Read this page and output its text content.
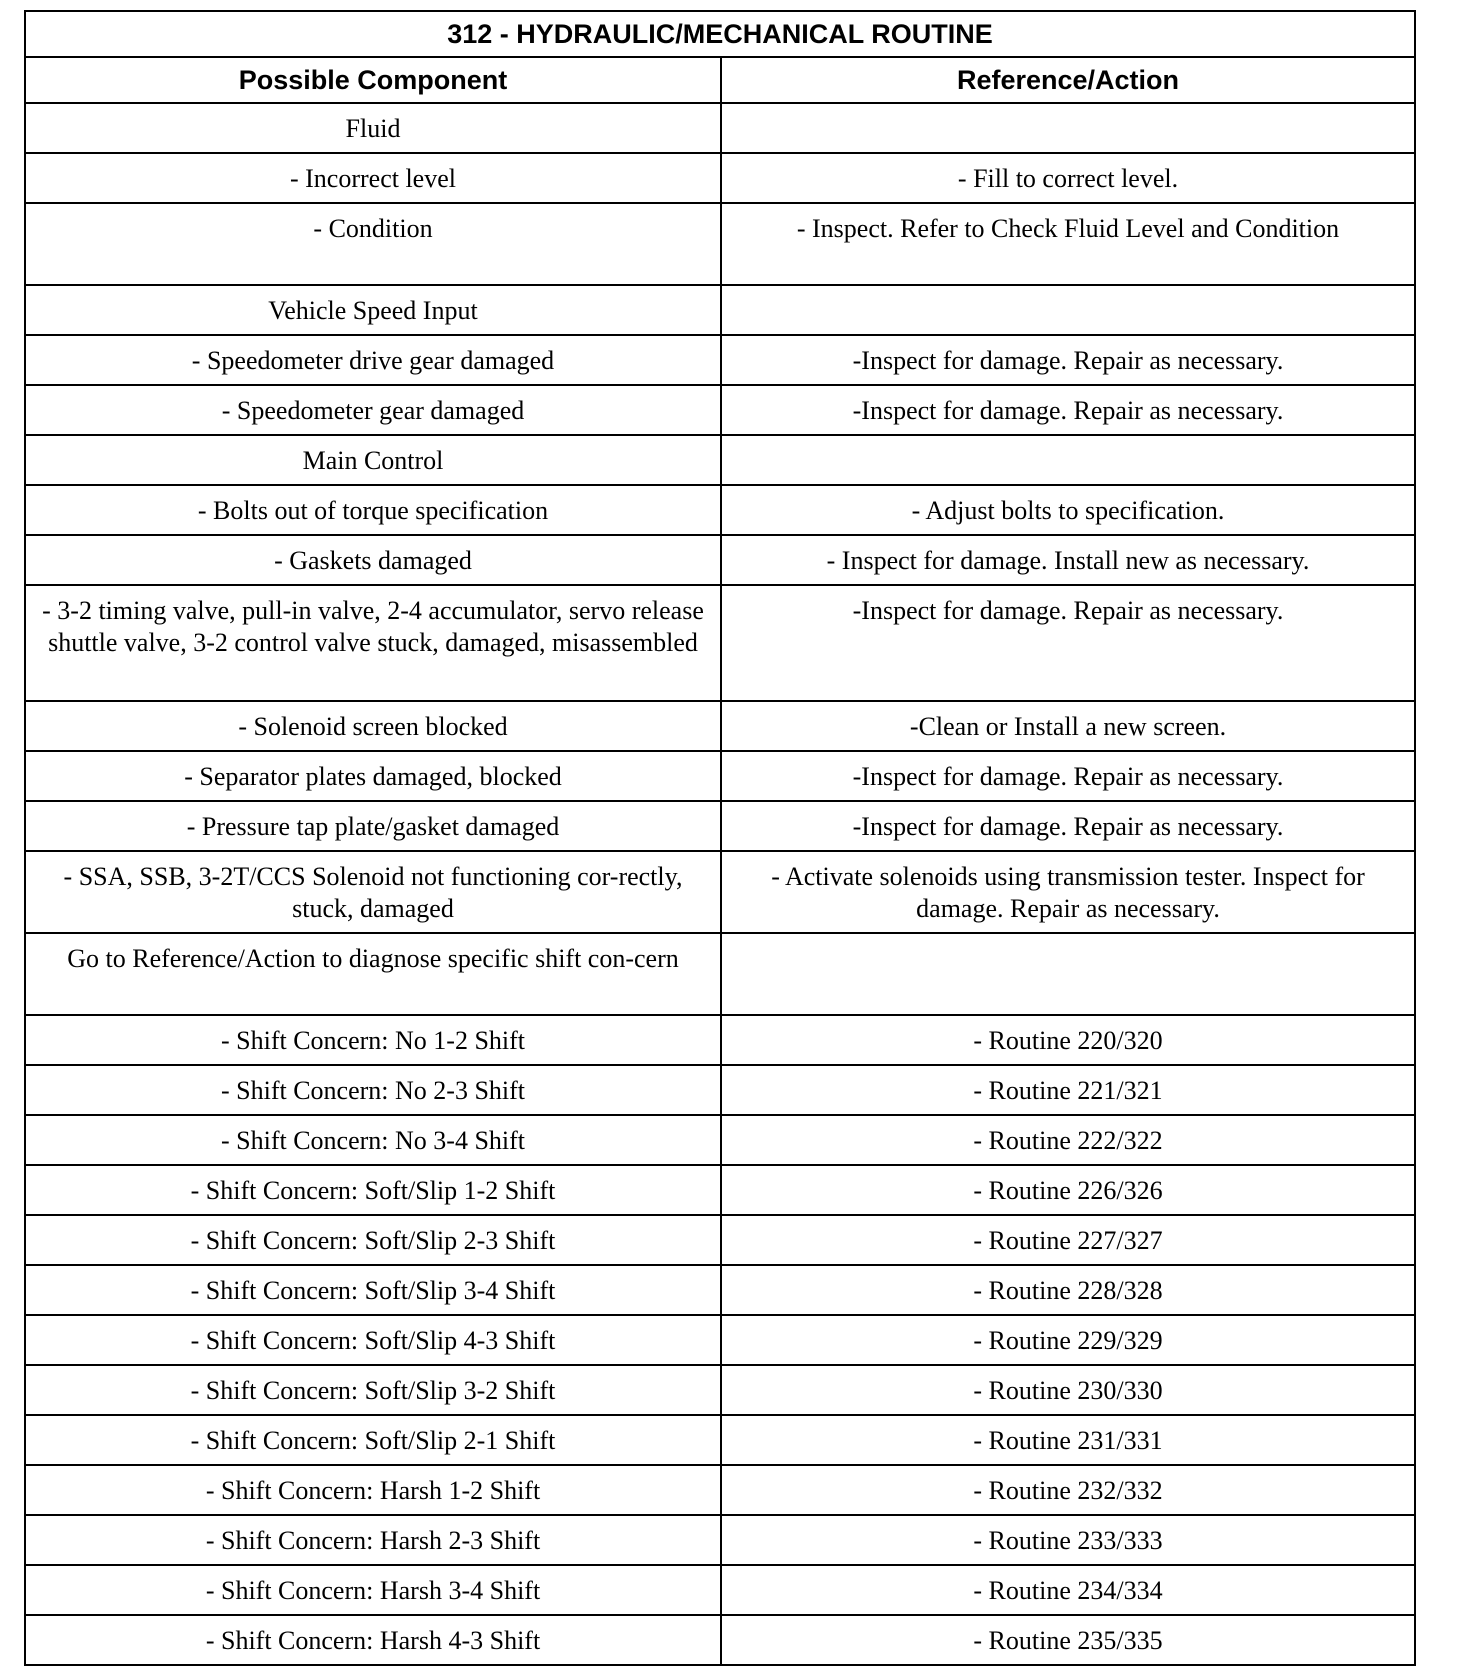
312 - HYDRAULIC/MECHANICAL ROUTINE	
Possible Component	Reference/Action
Fluid	
- Incorrect level	- Fill to correct level.
- Condition	- Inspect. Refer to Check Fluid Level and Condition
Vehicle Speed Input	
- Speedometer drive gear damaged	-Inspect for damage. Repair as necessary.
- Speedometer gear damaged	-Inspect for damage. Repair as necessary.
Main Control	
- Bolts out of torque specification	- Adjust bolts to specification.
- Gaskets damaged	- Inspect for damage. Install new as necessary.
- 3-2 timing valve, pull-in valve, 2-4 accumulator, servo release shuttle valve, 3-2 control valve stuck, damaged, misassembled	-Inspect for damage. Repair as necessary.
- Solenoid screen blocked	-Clean or Install a new screen.
- Separator plates damaged, blocked	-Inspect for damage. Repair as necessary.
- Pressure tap plate/gasket damaged	-Inspect for damage. Repair as necessary.
- SSA, SSB, 3-2T/CCS Solenoid not functioning cor-rectly, stuck, damaged	- Activate solenoids using transmission tester. Inspect for damage. Repair as necessary.
Go to Reference/Action to diagnose specific shift con-cern	
- Shift Concern: No 1-2 Shift	- Routine 220/320
- Shift Concern: No 2-3 Shift	- Routine 221/321
- Shift Concern: No 3-4 Shift	- Routine 222/322
- Shift Concern: Soft/Slip 1-2 Shift	- Routine 226/326
- Shift Concern: Soft/Slip 2-3 Shift	- Routine 227/327
- Shift Concern: Soft/Slip 3-4 Shift	- Routine 228/328
- Shift Concern: Soft/Slip 4-3 Shift	- Routine 229/329
- Shift Concern: Soft/Slip 3-2 Shift	- Routine 230/330
- Shift Concern: Soft/Slip 2-1 Shift	- Routine 231/331
- Shift Concern: Harsh 1-2 Shift	- Routine 232/332
- Shift Concern: Harsh 2-3 Shift	- Routine 233/333
- Shift Concern: Harsh 3-4 Shift	- Routine 234/334
- Shift Concern: Harsh 4-3 Shift	- Routine 235/335
